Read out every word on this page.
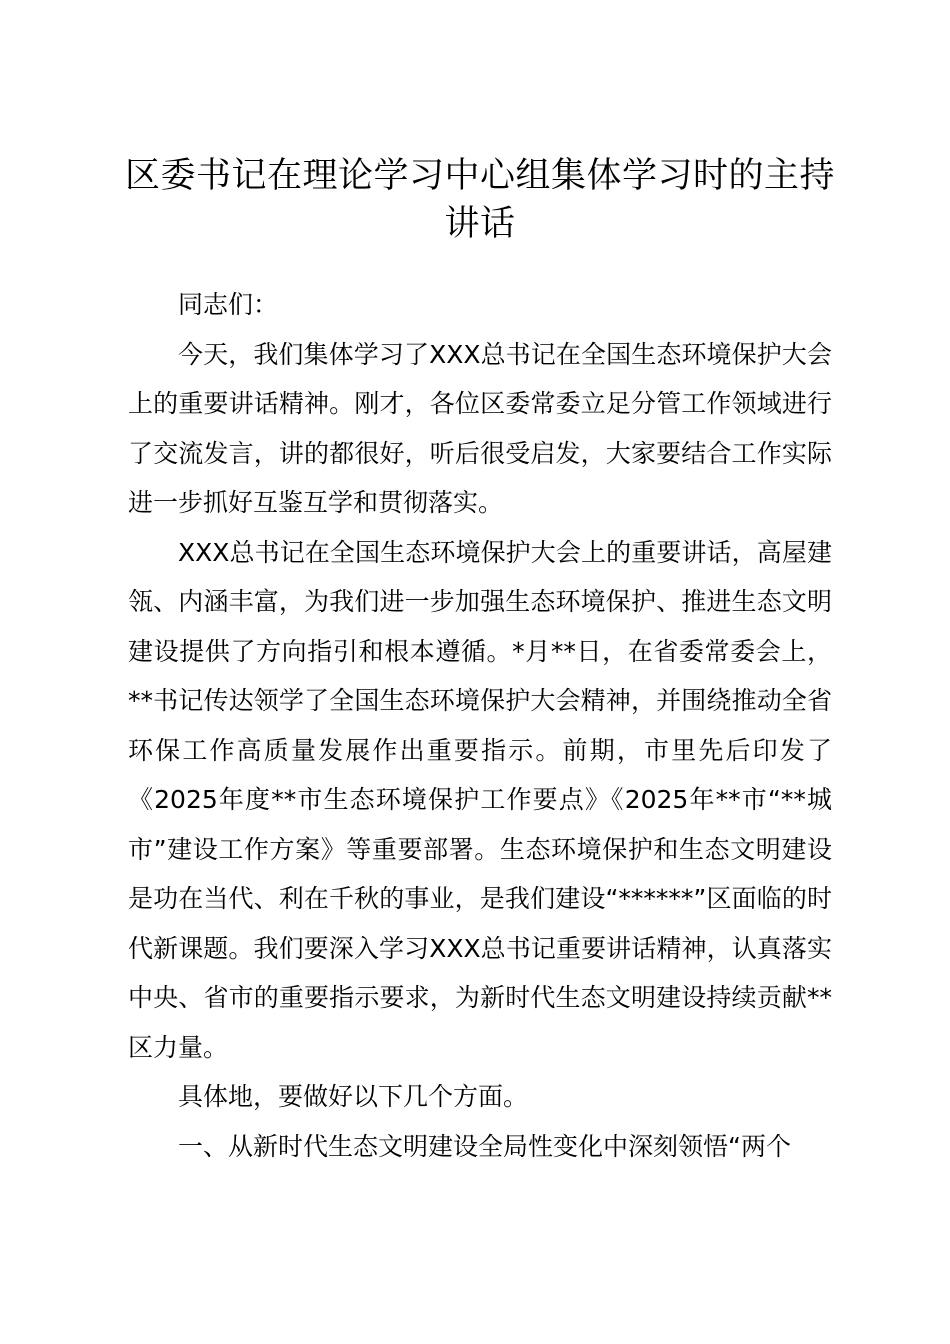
区委书记在理论学习中心组集体学习时的主持讲话

同志们：

今天，我们集体学习了XXX总书记在全国生态环境保护大会上的重要讲话精神。刚才，各位区委常委立足分管工作领域进行了交流发言，讲的都很好，听后很受启发，大家要结合工作实际进一步抓好互鉴互学和贯彻落实。

XXX总书记在全国生态环境保护大会上的重要讲话，高屋建瓴、内涵丰富，为我们进一步加强生态环境保护、推进生态文明建设提供了方向指引和根本遵循。*月**日，在省委常委会上，**书记传达领学了全国生态环境保护大会精神，并围绕推动全省环保工作高质量发展作出重要指示。前期，市里先后印发了《2025年度**市生态环境保护工作要点》《2025年**市“**城市”建设工作方案》等重要部署。生态环境保护和生态文明建设是功在当代、利在千秋的事业，是我们建设“******”区面临的时代新课题。我们要深入学习XXX总书记重要讲话精神，认真落实中央、省市的重要指示要求，为新时代生态文明建设持续贡献**区力量。

具体地，要做好以下几个方面。

一、从新时代生态文明建设全局性变化中深刻领悟“两个
